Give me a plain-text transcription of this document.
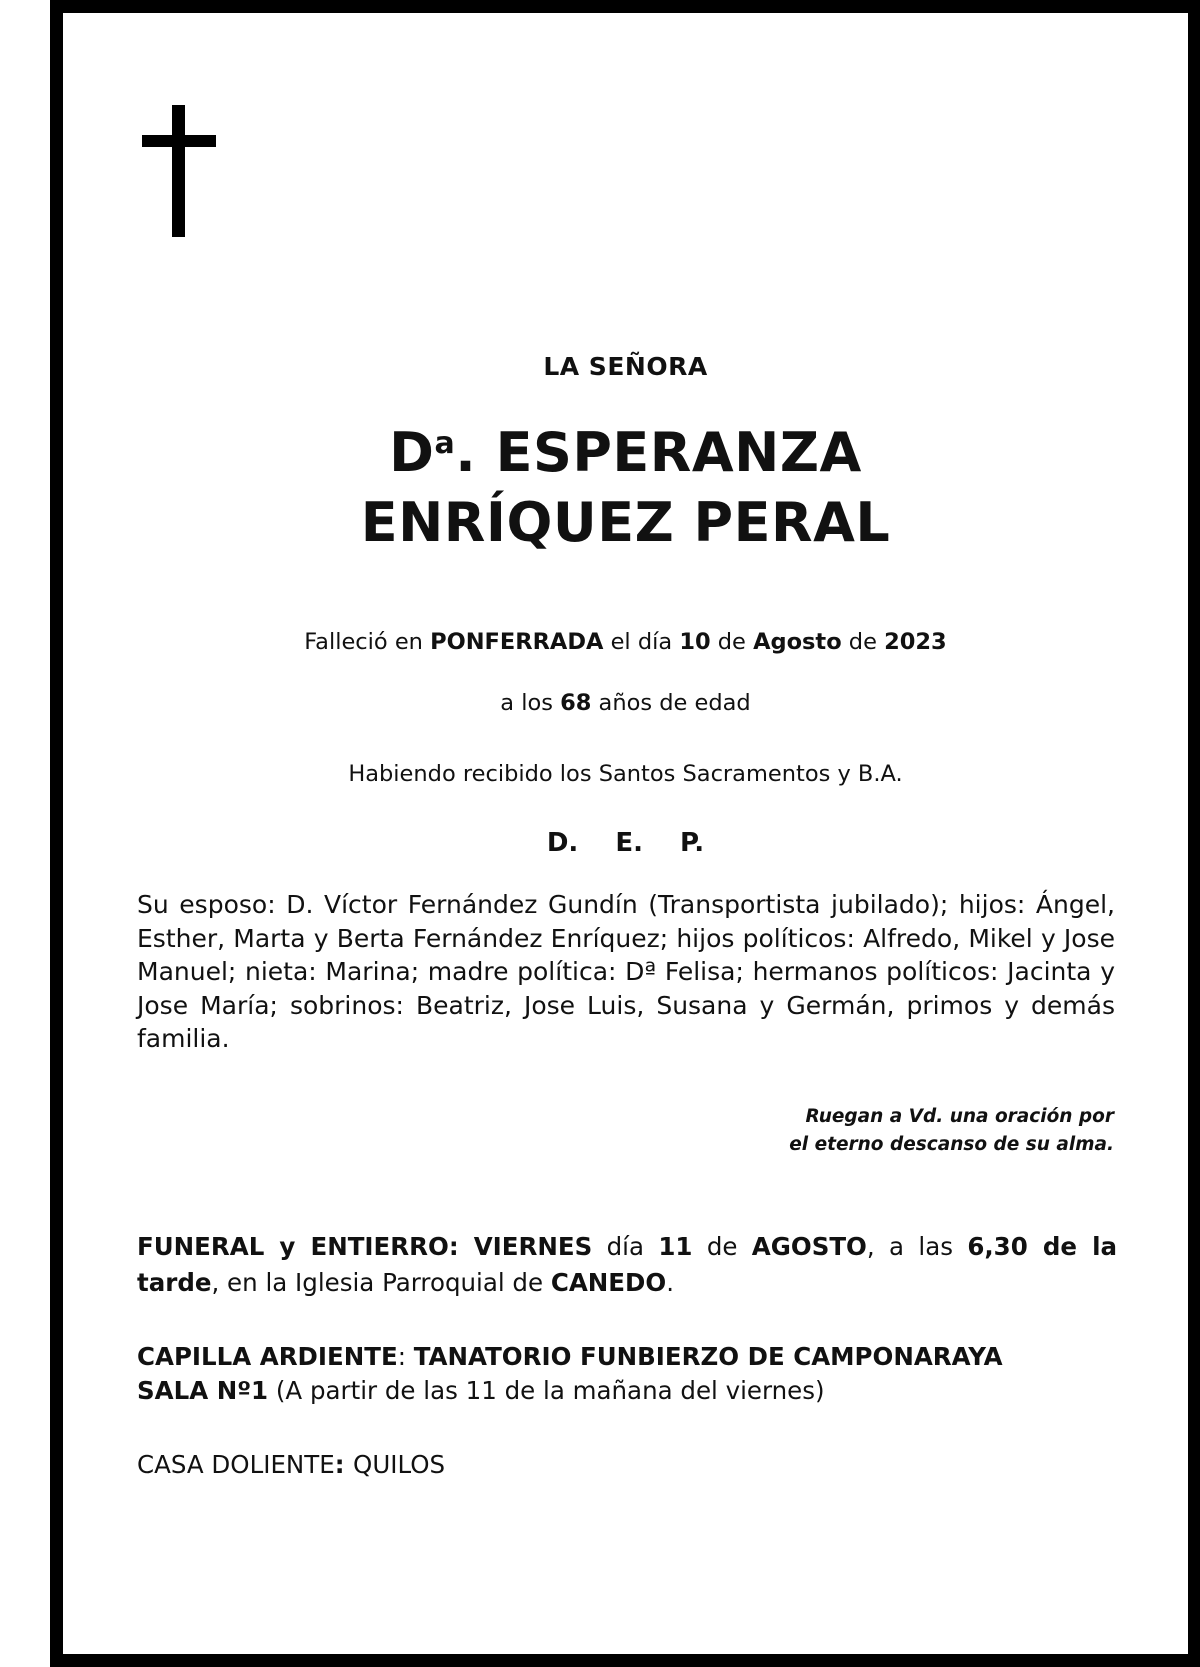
LA SEÑORA
$D^a$. ESPERANZA
ENRÍQUEZ PERAL
Falleció en PONFERRADA el día 10 de Agosto de 2023
a los 68 años de edad
Habiendo recibido los Santos Sacramentos y B.A.
D. E. P.
Su esposo: D. Víctor Fernández Gundín (Transportista jubilado); hijos: Ángel, Esther, Marta y Berta Fernández Enríquez; hijos políticos: Alfredo, Mikel y Jose Manuel; nieta: Marina; madre política: Dª Felisa; hermanos políticos: Jacinta y Jose María; sobrinos: Beatriz, Jose Luis, Susana y Germán, primos y demás familia.
Ruegan a Vd. una oración por
el eterno descanso de su alma.
FUNERAL y ENTIERRO: VIERNES día 11 de AGOSTO, a las 6,30 de la tarde, en la Iglesia Parroquial de CANEDO.
CAPILLA ARDIENTE: TANATORIO FUNBIERZO DE CAMPONARAYA
SALA Nº1 (A partir de las 11 de la mañana del viernes)
CASA DOLIENTE: QUILOS
